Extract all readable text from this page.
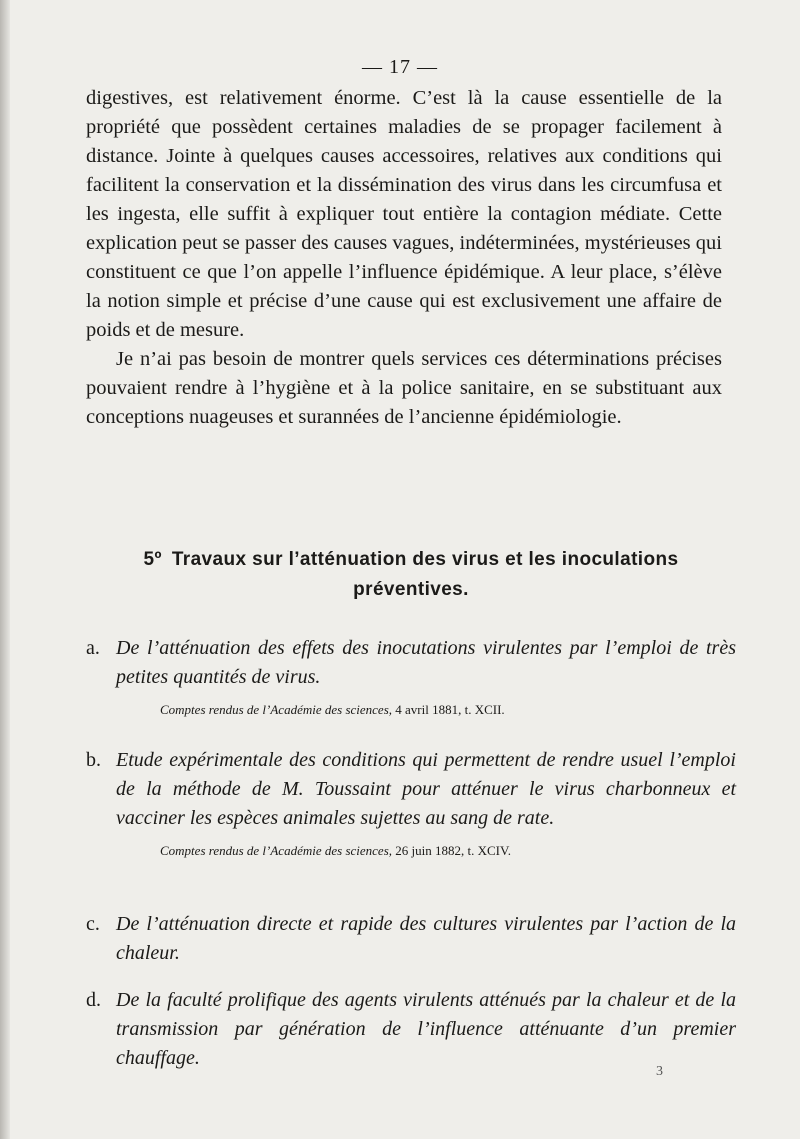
— 17 —

digestives, est relativement énorme. C’est là la cause essentielle de la propriété que possèdent certaines maladies de se propager facilement à distance. Jointe à quelques causes accessoires, relatives aux conditions qui facilitent la conservation et la dissémination des virus dans les circumfusa et les ingesta, elle suffit à expliquer tout entière la contagion médiate. Cette explication peut se passer des causes vagues, indéterminées, mystérieuses qui constituent ce que l’on appelle l’influence épidémique. A leur place, s’élève la notion simple et précise d’une cause qui est exclusivement une affaire de poids et de mesure.

Je n’ai pas besoin de montrer quels services ces déterminations précises pouvaient rendre à l’hygiène et à la police sanitaire, en se substituant aux conceptions nuageuses et surannées de l’ancienne épidémiologie.

5º Travaux sur l’atténuation des virus et les inoculations préventives.
a. De l’atténuation des effets des inocutations virulentes par l’emploi de très petites quantités de virus.
Comptes rendus de l’Académie des sciences, 4 avril 1881, t. XCII.
b. Etude expérimentale des conditions qui permettent de rendre usuel l’emploi de la méthode de M. Toussaint pour atténuer le virus charbonneux et vacciner les espèces animales sujettes au sang de rate.
Comptes rendus de l’Académie des sciences, 26 juin 1882, t. XCIV.
c. De l’atténuation directe et rapide des cultures virulentes par l’action de la chaleur.
d. De la faculté prolifique des agents virulents atténués par la chaleur et de la transmission par génération de l’influence atténuante d’un premier chauffage.
3
